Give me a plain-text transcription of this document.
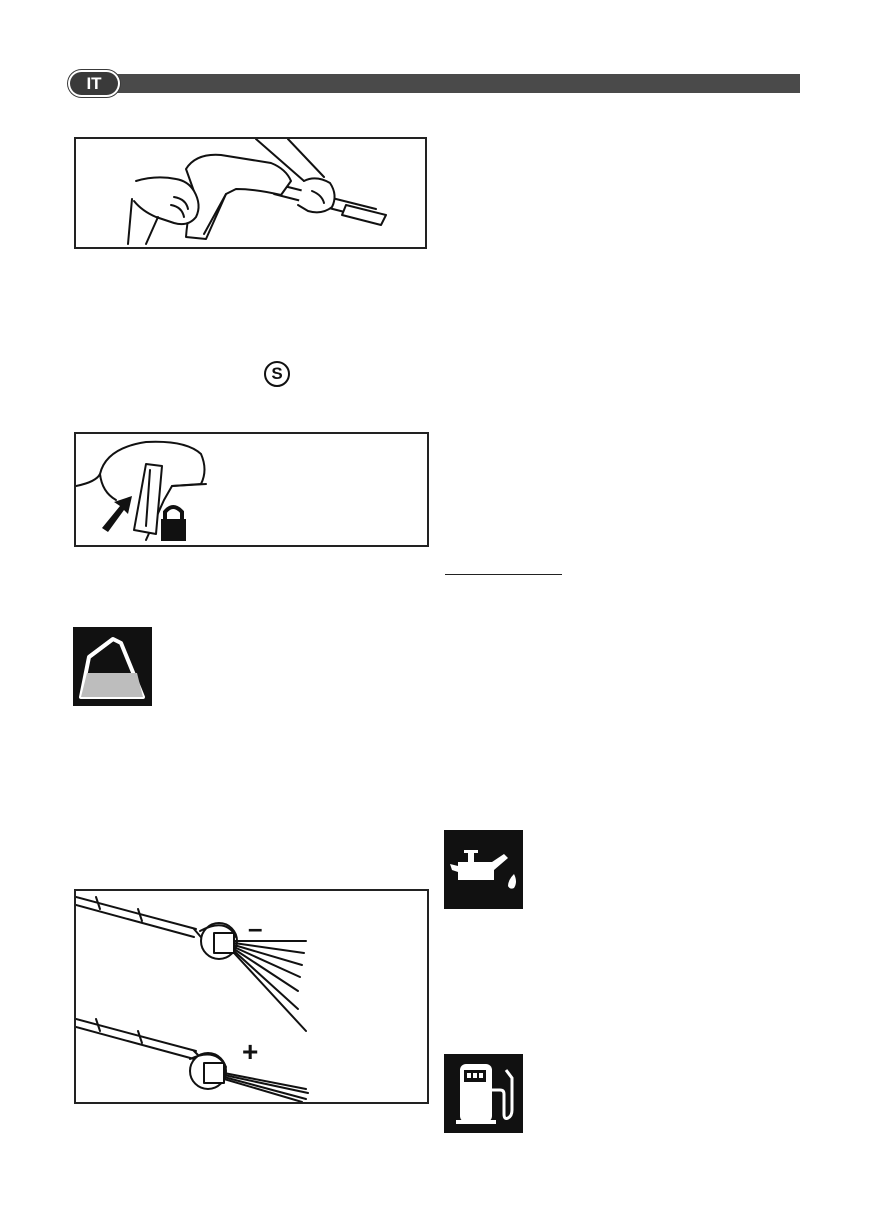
IT
S
–
+
